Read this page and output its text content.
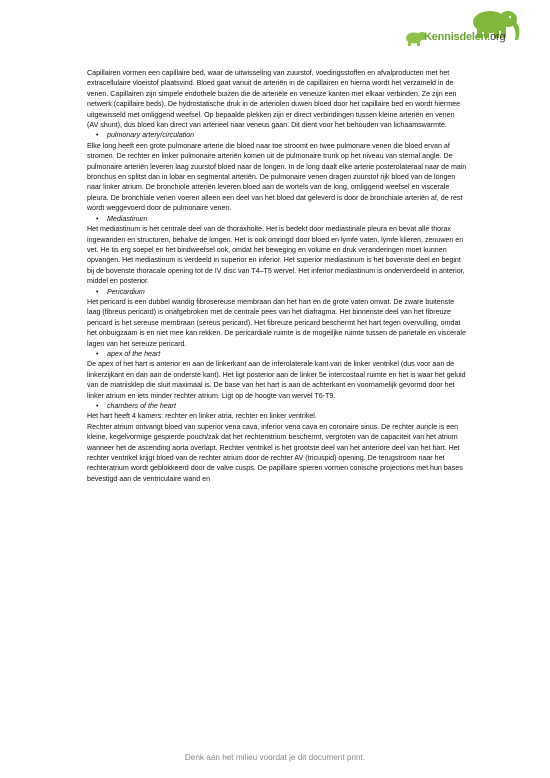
Kennisdelen.org

Capillairen vormen een capillaire bed, waar de uitwisseling van zuurstof, voedingsstoffen en afvalproducten met het extracellulaire vloeistof plaatsvind. Bloed gaat vanuit de arteriën in de capillairen en hierna wordt het verzameld in de venen. Capillairen zijn simpele endothele buizen die de arteriële en veneuze kanten met elkaar verbinden. Ze zijn een netwerk (capillaire beds). De hydrostatische druk in de arteriolen duwen bloed door het capillaire bed en wordt hiermee uitgewisseld met omliggend weefsel. Op bepaalde plekken zijn er direct verbindingen tussen kleine arteriën en venen (AV shunt), dus bloed kan direct van arterieel naar veneus gaan. Dit dient voor het behouden van lichaamswarmte.

• pulmonary artery/circulation

Elke long heeft een grote pulmonare arterie die bloed naar toe stroomt en twee pulmonare venen die bloed ervan af stromen. De rechter en linker pulmonaire arteriën komen uit de pulmonaire trunk op het niveau van sternal angle. De pulmonaire arteriën leveren laag zuurstof bloed naar de longen. In de long daalt elke arterie posterolateraal naar de main bronchus en splitst dan in lobar en segmental arteriën. De pulmonaire venen dragen zuurstof rijk bloed van de longen naar linker atrium. De bronchiole arteriën leveren bloed aan de wortels van de long, omliggend weefsel en viscerale pleura. De bronchiale venen voeren alleen een deel van het bloed dat geleverd is door de bronchiale arteriën af, de rest wordt weggevoerd door de pulmonaire venen.

• Mediastinum

Het mediastinum is het centrale deel van de thoraxholte. Het is bedekt door mediastinale pleura en bevat alle thorax ingewanden en structuren, behalve de longen. Het is ook omringd door bloed en lymfe vaten, lymfe klieren, zenuwen en vet. He tis erg soepel en het bindweefsel ook, omdat het beweging en volume en druk veranderingen moet kunnen opvangen. Het mediastinum is verdeeld in superior en inferior. Het superior mediastinum is het bovenste deel en begint bij de bovenste thoracale opening tot de IV disc van T4–T5 wervel. Het inferior mediastinum is onderverdeeld in anterior, middel en posterior.

• Pericardium

Het pericard is een dubbel wandig fibrosereuse membraan dan het hart en de grote vaten omvat. De zware buitenste laag (fibreus pericard) is onafgebroken met de centrale pees van het diafragma. Het binnenste deel van het fibreuze pericard is het sereuse membraan (sereus pericard). Het fibreuze pericard beschermt het hart tegen overvulling, omdat het onbuigzaam is en niet mee kan rekken. De pericardiale ruimte is de mogelijke ruimte tussen de parietale en viscerale lagen van het sereuze pericard.

• apex of the heart

De apex of het hart is anterior en aan de linkerkant aan de inferolaterale kant van de linker ventrikel (dus voor aan de linkerzijkant en dan aan de onderste kant). Het ligt posterior aan de linker 5e intercostaal ruimte en het is waar het geluid van de matriisklep die sluit maximaal is. De base van het hart is aan de achterkant en voornamelijk gevormd door het linker atrium en iets minder rechter atrium. Ligt op de hoogte van wervel T6-T9.

• chambers of the heart

Het hart heeft 4 kamers: rechter en linker atria, rechter en linker ventrikel.

Rechter atrium ontvangt bloed van superior vena cava, inferior vena cava en coronaire sinus. De rechter auricle is een kleine, kegelvormige gespierde pouch/zak dat het rechteratrium beschermt, vergroten van de capaciteit van het atrium wanneer het de ascending aorta overlapt. Rechter ventrikel is het grootste deel van het anteriore deel van het hart. Het rechter ventrikel krijgt bloed van de rechter atrium door de rechter AV (tricuspid) opening. De terugstroom naar het rechteratrium wordt geblokkeerd door de valve cusps. De papillaire spieren vormen conische projections met hun bases bevestigd aan de ventriculaire wand en

Denk aan het milieu voordat je dit document print.
